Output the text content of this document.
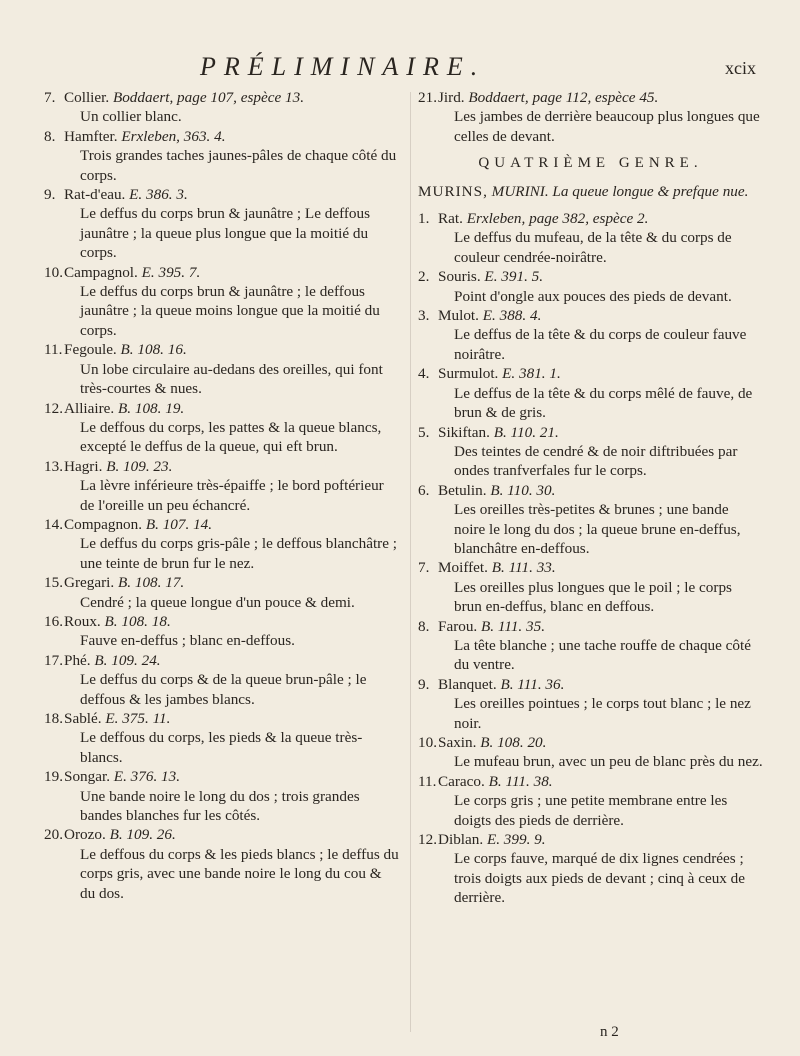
PRÉLIMINAIRE.	xcix
7. Collier. Boddaert, page 107, espèce 13.
Un collier blanc.
8. Hamfter. Erxleben, 363. 4.
Trois grandes taches jaunes-pâles de chaque côté du corps.
9. Rat-d'eau. E. 386. 3.
Le deffus du corps brun & jaunâtre ; Le deffous jaunâtre ; la queue plus longue que la moitié du corps.
10.Campagnol. E. 395. 7.
Le deffus du corps brun & jaunâtre ; le deffous jaunâtre ; la queue moins longue que la moitié du corps.
11. Fegoule. B. 108. 16.
Un lobe circulaire au-dedans des oreilles, qui font très-courtes & nues.
12.Alliaire. B. 108. 19.
Le deffous du corps, les pattes & la queue blancs, excepté le deffus de la queue, qui eft brun.
13.Hagri. B. 109. 23.
La lèvre inférieure très-épaiffe ; le bord poftérieur de l'oreille un peu échancré.
14.Compagnon. B. 107. 14.
Le deffus du corps gris-pâle ; le deffous blanchâtre ; une teinte de brun fur le nez.
15.Gregari. B. 108. 17.
Cendré ; la queue longue d'un pouce & demi.
16.Roux. B. 108. 18.
Fauve en-deffus ; blanc en-deffous.
17.Phé. B. 109. 24.
Le deffus du corps & de la queue brun-pâle ; le deffous & les jambes blancs.
18.Sablé. E. 375. 11.
Le deffous du corps, les pieds & la queue très-blancs.
19.Songar. E. 376. 13.
Une bande noire le long du dos ; trois grandes bandes blanches fur les côtés.
20.Orozo. B. 109. 26.
Le deffous du corps & les pieds blancs ; le deffus du corps gris, avec une bande noire le long du cou & du dos.
21.Jird. Boddaert, page 112, espèce 45.
Les jambes de derrière beaucoup plus longues que celles de devant.
QUATRIÈME GENRE.
MURINS, MURINI. La queue longue & prefque nue.
1. Rat. Erxleben, page 382, espèce 2.
Le deffus du mufeau, de la tête & du corps de couleur cendrée-noirâtre.
2. Souris. E. 391. 5.
Point d'ongle aux pouces des pieds de devant.
3. Mulot. E. 388. 4.
Le deffus de la tête & du corps de couleur fauve noirâtre.
4. Surmulot. E. 381. 1.
Le deffus de la tête & du corps mêlé de fauve, de brun & de gris.
5. Sikiftan. B. 110. 21.
Des teintes de cendré & de noir diftribuées par ondes tranfverfales fur le corps.
6. Betulin. B. 110. 30.
Les oreilles très-petites & brunes ; une bande noire le long du dos ; la queue brune en-deffus, blanchâtre en-deffous.
7. Moiffet. B. 111. 33.
Les oreilles plus longues que le poil ; le corps brun en-deffus, blanc en deffous.
8. Farou. B. 111. 35.
La tête blanche ; une tache rouffe de chaque côté du ventre.
9. Blanquet. B. 111. 36.
Les oreilles pointues ; le corps tout blanc ; le nez noir.
10.Saxin. B. 108. 20.
Le mufeau brun, avec un peu de blanc près du nez.
11. Caraco. B. 111. 38.
Le corps gris ; une petite membrane entre les doigts des pieds de derrière.
12.Diblan. E. 399. 9.
Le corps fauve, marqué de dix lignes cendrées ; trois doigts aux pieds de devant ; cinq à ceux de derrière.
n 2
